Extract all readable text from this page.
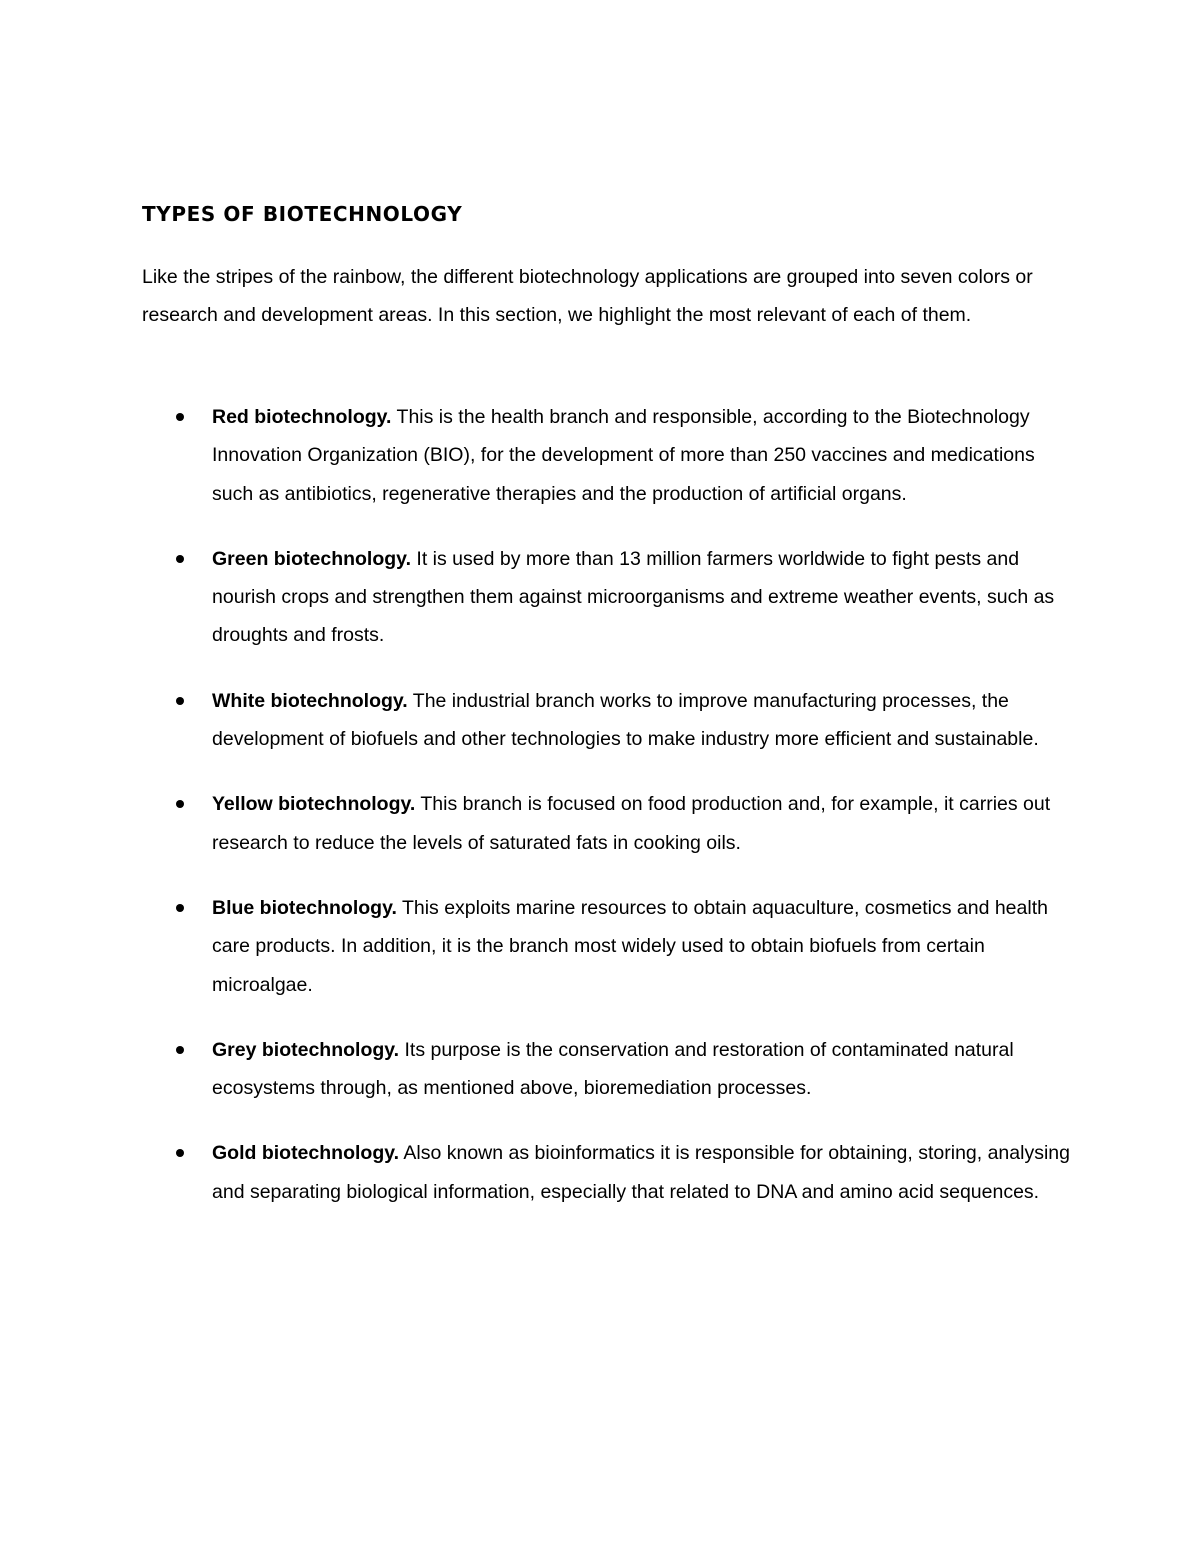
TYPES OF BIOTECHNOLOGY

Like the stripes of the rainbow, the different biotechnology applications are grouped into seven colors or research and development areas. In this section, we highlight the most relevant of each of them.

Red biotechnology. This is the health branch and responsible, according to the Biotechnology Innovation Organization (BIO), for the development of more than 250 vaccines and medications such as antibiotics, regenerative therapies and the production of artificial organs.
Green biotechnology. It is used by more than 13 million farmers worldwide to fight pests and nourish crops and strengthen them against microorganisms and extreme weather events, such as droughts and frosts.
White biotechnology. The industrial branch works to improve manufacturing processes, the development of biofuels and other technologies to make industry more efficient and sustainable.
Yellow biotechnology. This branch is focused on food production and, for example, it carries out research to reduce the levels of saturated fats in cooking oils.
Blue biotechnology. This exploits marine resources to obtain aquaculture, cosmetics and health care products. In addition, it is the branch most widely used to obtain biofuels from certain microalgae.
Grey biotechnology. Its purpose is the conservation and restoration of contaminated natural ecosystems through, as mentioned above, bioremediation processes.
Gold biotechnology. Also known as bioinformatics it is responsible for obtaining, storing, analysing and separating biological information, especially that related to DNA and amino acid sequences.
